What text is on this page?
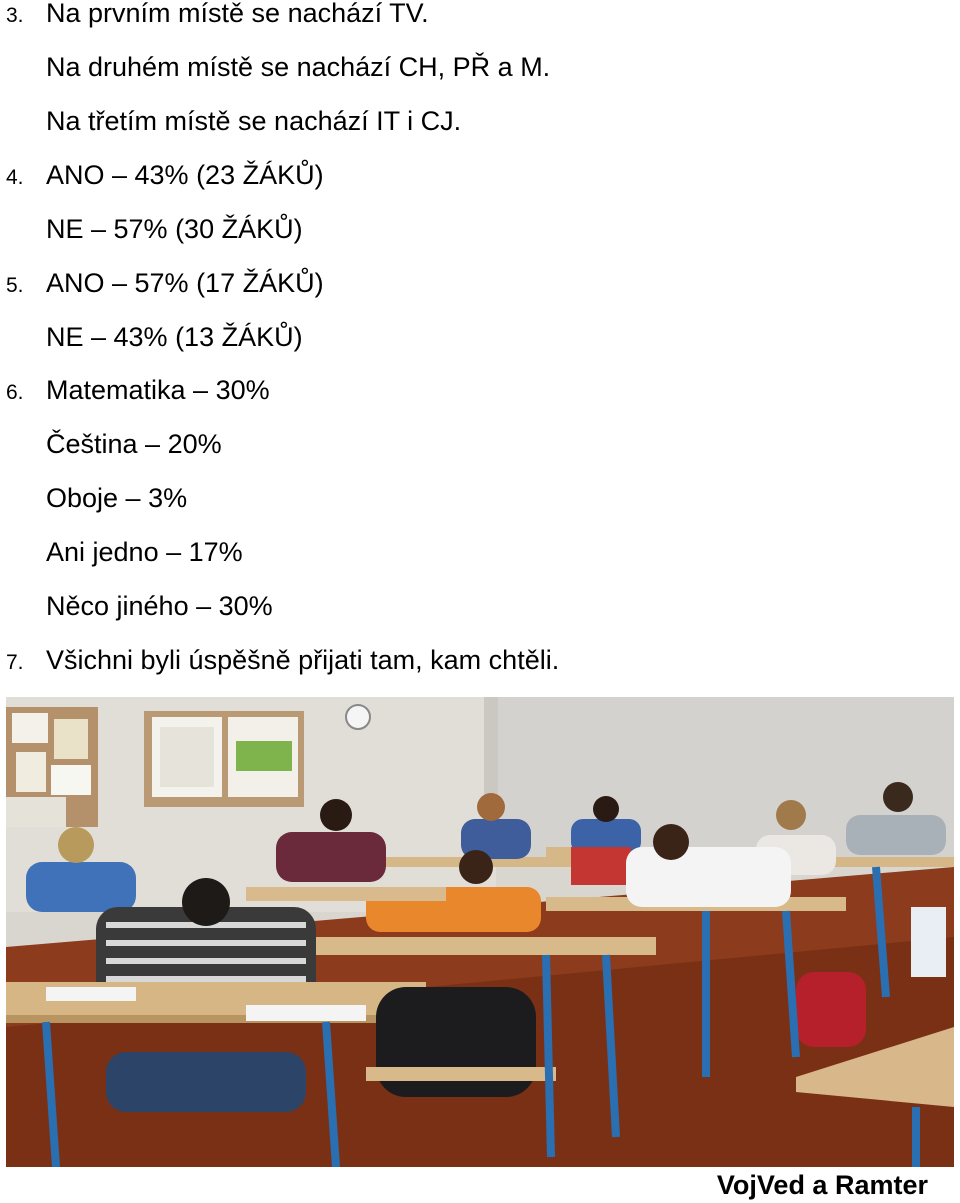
3. Na prvním místě se nachází TV.
Na druhém místě se nachází CH, PŘ a M.
Na třetím místě se nachází IT i CJ.
4. ANO – 43% (23 ŽÁKŮ)
NE – 57% (30 ŽÁKŮ)
5. ANO – 57% (17 ŽÁKŮ)
NE – 43% (13 ŽÁKŮ)
6. Matematika – 30%
Čeština – 20%
Oboje – 3%
Ani jedno – 17%
Něco jiného – 30%
7. Všichni byli úspěšně přijati tam, kam chtěli.
VojVed a Ramter
